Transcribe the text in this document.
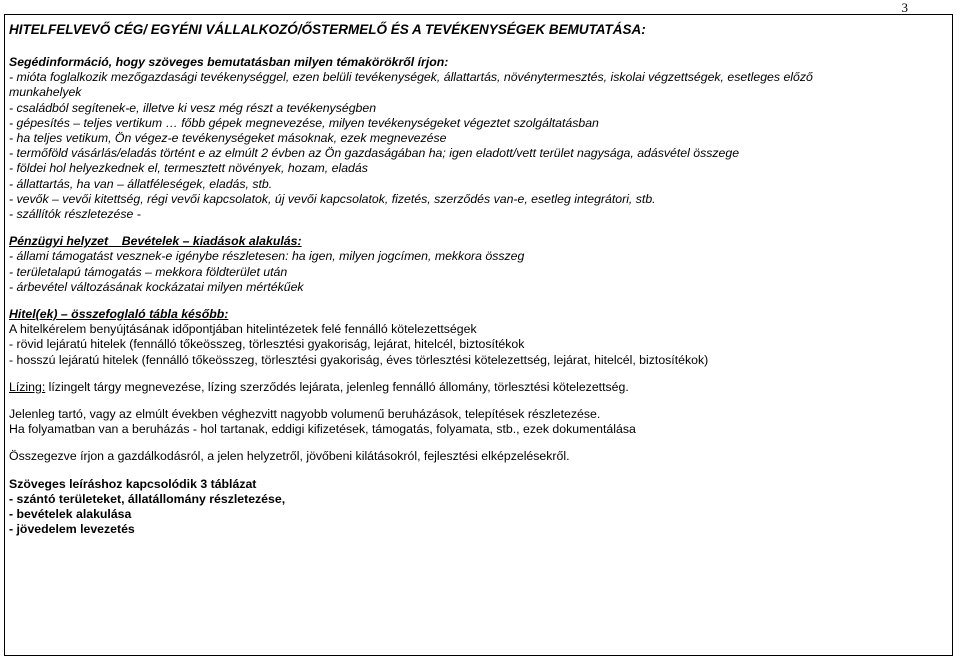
3
HITELFELVEVŐ CÉG/ EGYÉNI VÁLLALKOZÓ/ŐSTERMELŐ ÉS A TEVÉKENYSÉGEK BEMUTATÁSA:
Segédinformáció, hogy szöveges bemutatásban milyen témakörökről írjon:
- mióta foglalkozik mezőgazdasági tevékenységgel, ezen belüli tevékenységek, állattartás, növénytermesztés, iskolai végzettségek, esetleges előző
munkahelyek
- családból segítenek-e, illetve ki vesz még részt a tevékenységben
- gépesítés – teljes vertikum … főbb gépek megnevezése, milyen tevékenységeket végeztet szolgáltatásban
- ha teljes vetikum, Ön végez-e tevékenységeket másoknak, ezek megnevezése
- termőföld vásárlás/eladás történt e az elmúlt 2 évben az Ön gazdaságában ha; igen eladott/vett terület nagysága, adásvétel összege
- földei hol helyezkednek el, termesztett növények, hozam, eladás
- állattartás, ha van – állatféleségek, eladás, stb.
- vevők – vevői kitettség, régi vevői kapcsolatok, új vevői kapcsolatok, fizetés, szerződés van-e, esetleg integrátori, stb.
- szállítók részletezése -
Pénzügyi helyzet Bevételek – kiadások alakulás:
- állami támogatást vesznek-e igénybe részletesen: ha igen, milyen jogcímen, mekkora összeg
- területalapú támogatás – mekkora földterület után
- árbevétel változásának kockázatai milyen mértékűek
Hitel(ek) – összefoglaló tábla később:
A hitelkérelem benyújtásának időpontjában hitelintézetek felé fennálló kötelezettségek
- rövid lejáratú hitelek (fennálló tőkeösszeg, törlesztési gyakoriság, lejárat, hitelcél, biztosítékok
- hosszú lejáratú hitelek (fennálló tőkeösszeg, törlesztési gyakoriság, éves törlesztési kötelezettség, lejárat, hitelcél, biztosítékok)
Lízing: lízingelt tárgy megnevezése, lízing szerződés lejárata, jelenleg fennálló állomány, törlesztési kötelezettség.
Jelenleg tartó, vagy az elmúlt években véghezvitt nagyobb volumenű beruházások, telepítések részletezése.
Ha folyamatban van a beruházás - hol tartanak, eddigi kifizetések, támogatás, folyamata, stb., ezek dokumentálása
Összegezve írjon a gazdálkodásról, a jelen helyzetről, jövőbeni kilátásokról, fejlesztési elképzelésekről.
Szöveges leíráshoz kapcsolódik 3 táblázat
- szántó területeket, állatállomány részletezése,
- bevételek alakulása
- jövedelem levezetés
